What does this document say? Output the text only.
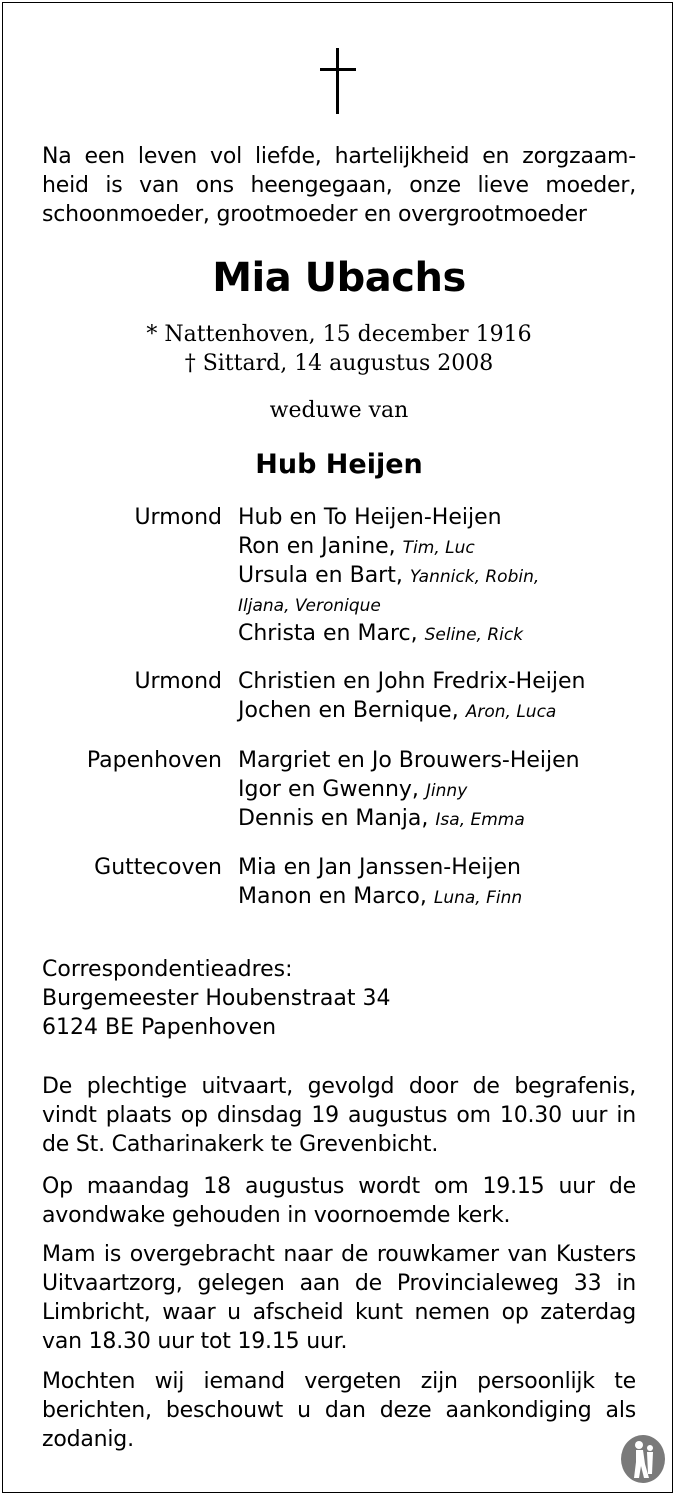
Na een leven vol liefde, hartelijkheid en zorgzaam-
heid is van ons heengegaan, onze lieve moeder,
schoonmoeder, grootmoeder en overgrootmoeder
Mia Ubachs
* Nattenhoven, 15 december 1916
† Sittard, 14 augustus 2008
weduwe van
Hub Heijen
Urmond Hub en To Heijen-Heijen
Ron en Janine, Tim, Luc
Ursula en Bart, Yannick, Robin,
Iljana, Veronique
Christa en Marc, Seline, Rick
Urmond Christien en John Fredrix-Heijen
Jochen en Bernique, Aron, Luca
Papenhoven Margriet en Jo Brouwers-Heijen
Igor en Gwenny, Jinny
Dennis en Manja, Isa, Emma
Guttecoven Mia en Jan Janssen-Heijen
Manon en Marco, Luna, Finn
Correspondentieadres:
Burgemeester Houbenstraat 34
6124 BE Papenhoven
De plechtige uitvaart, gevolgd door de begrafenis,
vindt plaats op dinsdag 19 augustus om 10.30 uur in
de St. Catharinakerk te Grevenbicht.
Op maandag 18 augustus wordt om 19.15 uur de
avondwake gehouden in voornoemde kerk.
Mam is overgebracht naar de rouwkamer van Kusters
Uitvaartzorg, gelegen aan de Provincialeweg 33 in
Limbricht, waar u afscheid kunt nemen op zaterdag
van 18.30 uur tot 19.15 uur.
Mochten wij iemand vergeten zijn persoonlijk te
berichten, beschouwt u dan deze aankondiging als
zodanig.
